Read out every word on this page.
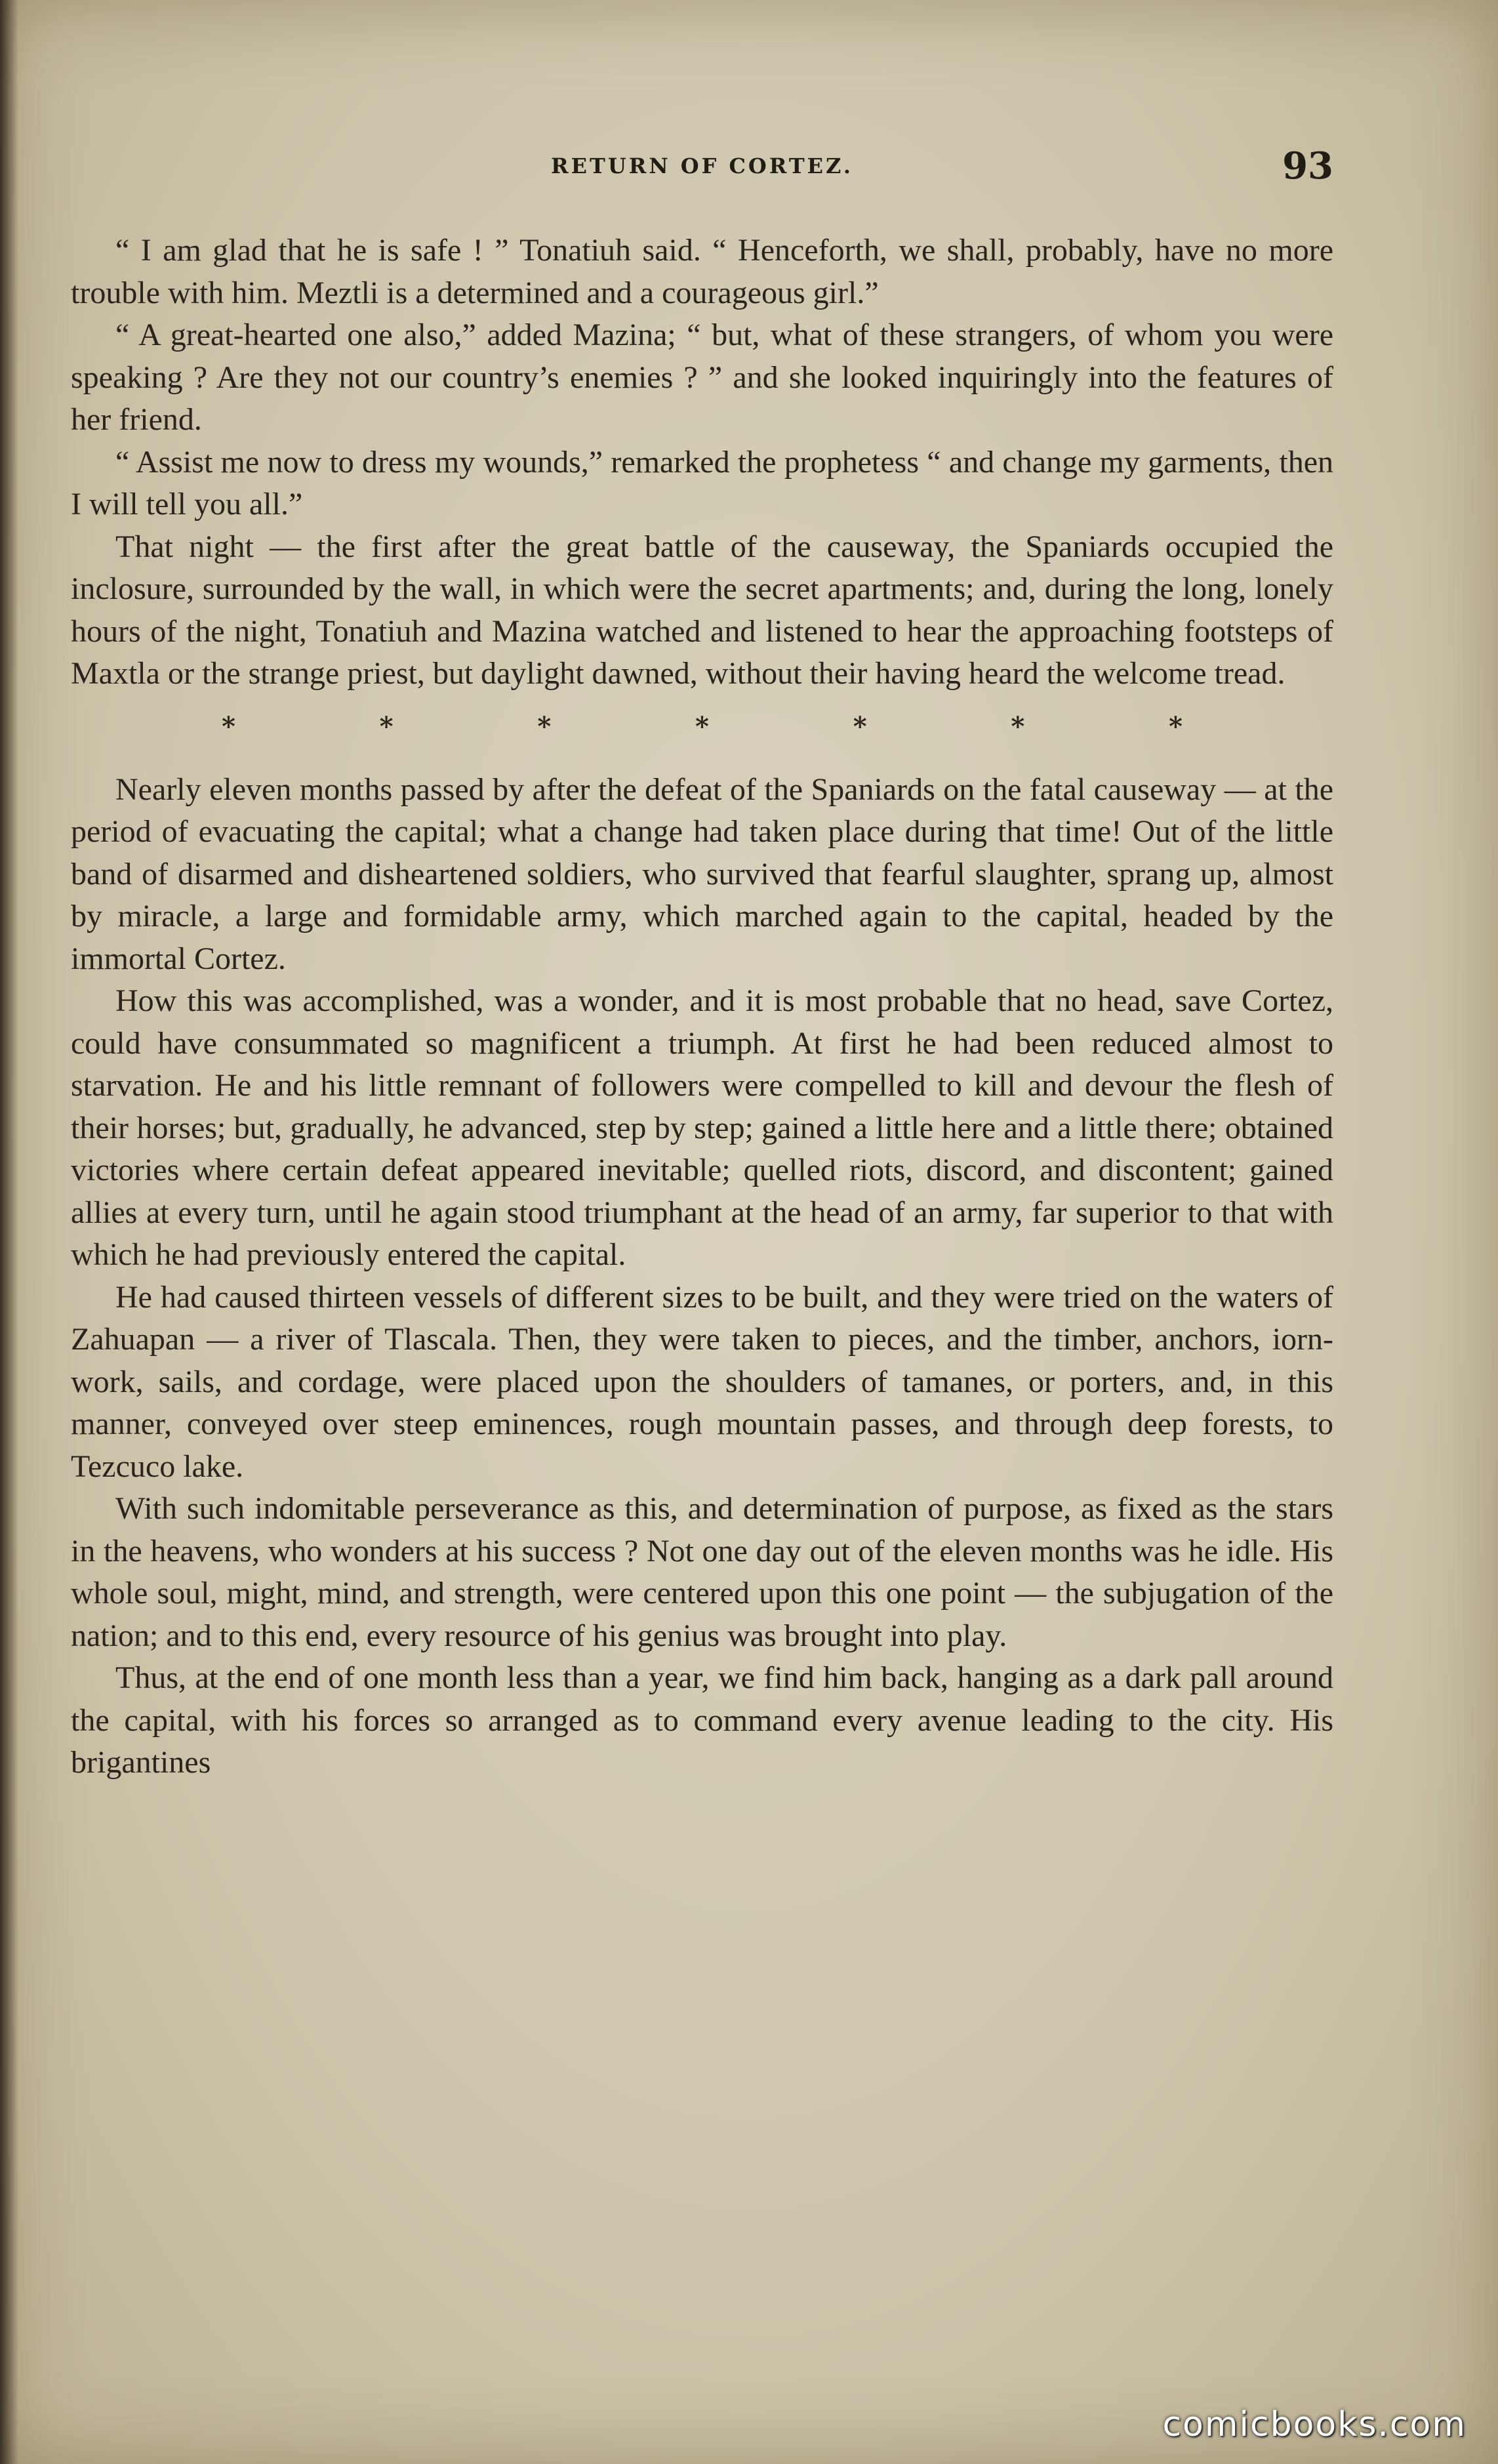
RETURN OF CORTEZ.	93

“ I am glad that he is safe ! ” Tonatiuh said. “ Henceforth, we shall, probably, have no more trouble with him. Meztli is a determined and a courageous girl.”

“ A great-hearted one also,” added Mazina; “ but, what of these strangers, of whom you were speaking ? Are they not our country’s enemies ? ” and she looked inquiringly into the features of her friend.

“ Assist me now to dress my wounds,” remarked the prophetess “ and change my garments, then I will tell you all.”

That night — the first after the great battle of the causeway, the Spaniards occupied the inclosure, surrounded by the wall, in which were the secret apartments; and, during the long, lonely hours of the night, Tonatiuh and Mazina watched and listened to hear the approaching footsteps of Maxtla or the strange priest, but daylight dawned, without their having heard the welcome tread.

*	*	*	*	*	*	*

Nearly eleven months passed by after the defeat of the Spaniards on the fatal causeway — at the period of evacuating the capital; what a change had taken place during that time! Out of the little band of disarmed and disheartened soldiers, who survived that fearful slaughter, sprang up, almost by miracle, a large and formidable army, which marched again to the capital, headed by the immortal Cortez.

How this was accomplished, was a wonder, and it is most probable that no head, save Cortez, could have consummated so magnificent a triumph. At first he had been reduced almost to starvation. He and his little remnant of followers were compelled to kill and devour the flesh of their horses; but, gradually, he advanced, step by step; gained a little here and a little there; obtained victories where certain defeat appeared inevitable; quelled riots, discord, and discontent; gained allies at every turn, until he again stood triumphant at the head of an army, far superior to that with which he had previously entered the capital.

He had caused thirteen vessels of different sizes to be built, and they were tried on the waters of Zahuapan — a river of Tlascala. Then, they were taken to pieces, and the timber, anchors, iorn-work, sails, and cordage, were placed upon the shoulders of tamanes, or porters, and, in this manner, conveyed over steep eminences, rough mountain passes, and through deep forests, to Tezcuco lake.

With such indomitable perseverance as this, and determination of purpose, as fixed as the stars in the heavens, who wonders at his success ? Not one day out of the eleven months was he idle. His whole soul, might, mind, and strength, were centered upon this one point — the subjugation of the nation; and to this end, every resource of his genius was brought into play.

Thus, at the end of one month less than a year, we find him back, hanging as a dark pall around the capital, with his forces so arranged as to command every avenue leading to the city. His brigantines

comicbooks.com
